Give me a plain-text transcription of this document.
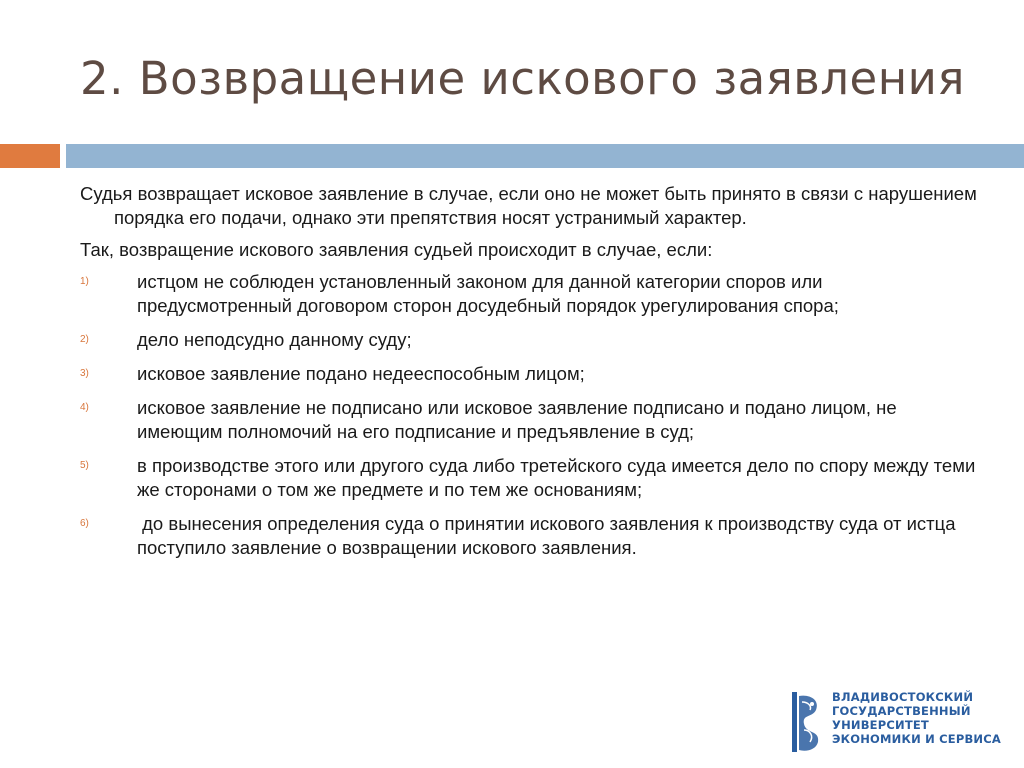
2. Возвращение искового заявления

Судья возвращает исковое заявление в случае, если оно не может быть принято в связи с нарушением порядка его подачи, однако эти препятствия носят устранимый характер.

Так, возвращение искового заявления судьей происходит в случае, если:

1)	истцом не соблюден установленный законом для данной категории споров или предусмотренный договором сторон досудебный порядок урегулирования спора;
2)	дело неподсудно данному суду;
3)	исковое заявление подано недееспособным лицом;
4)	исковое заявление не подписано или исковое заявление подписано и подано лицом, не имеющим полномочий на его подписание и предъявление в суд;
5)	в производстве этого или другого суда либо третейского суда имеется дело по спору между теми же сторонами о том же предмете и по тем же основаниям;
6)	до вынесения определения суда о принятии искового заявления к производству суда от истца поступило заявление о возвращении искового заявления.
ВЛАДИВОСТОКСКИЙ
ГОСУДАРСТВЕННЫЙ
УНИВЕРСИТЕТ
ЭКОНОМИКИ И СЕРВИСА
